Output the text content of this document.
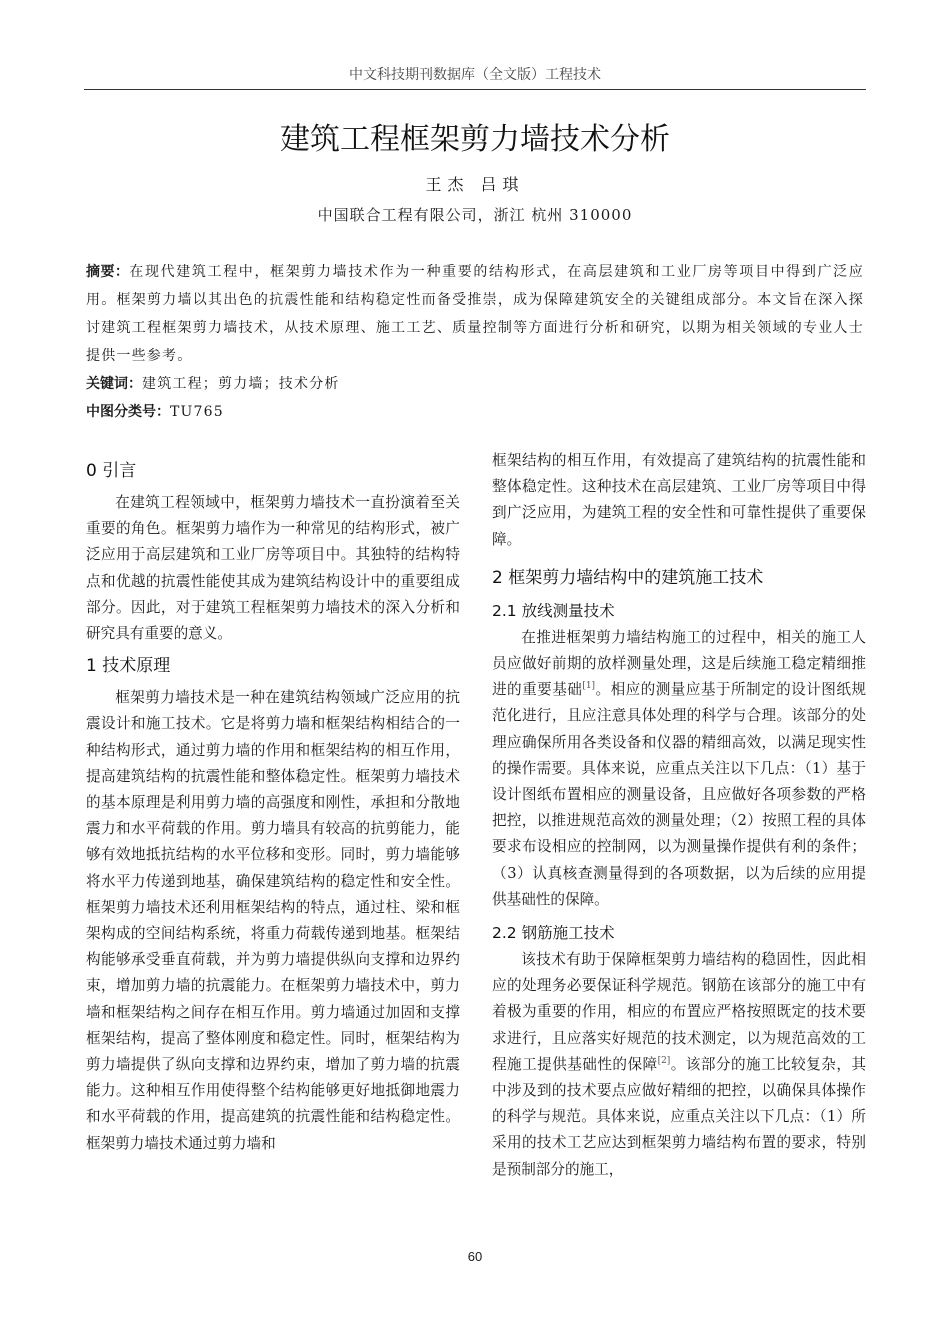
中文科技期刊数据库（全文版）工程技术
建筑工程框架剪力墙技术分析
王杰 吕琪
中国联合工程有限公司，浙江 杭州 310000

摘要：在现代建筑工程中，框架剪力墙技术作为一种重要的结构形式，在高层建筑和工业厂房等项目中得到广泛应用。框架剪力墙以其出色的抗震性能和结构稳定性而备受推崇，成为保障建筑安全的关键组成部分。本文旨在深入探讨建筑工程框架剪力墙技术，从技术原理、施工工艺、质量控制等方面进行分析和研究，以期为相关领域的专业人士提供一些参考。

关键词：建筑工程；剪力墙；技术分析

中图分类号：TU765

0 引言

在建筑工程领域中，框架剪力墙技术一直扮演着至关重要的角色。框架剪力墙作为一种常见的结构形式，被广泛应用于高层建筑和工业厂房等项目中。其独特的结构特点和优越的抗震性能使其成为建筑结构设计中的重要组成部分。因此，对于建筑工程框架剪力墙技术的深入分析和研究具有重要的意义。

1 技术原理

框架剪力墙技术是一种在建筑结构领域广泛应用的抗震设计和施工技术。它是将剪力墙和框架结构相结合的一种结构形式，通过剪力墙的作用和框架结构的相互作用，提高建筑结构的抗震性能和整体稳定性。框架剪力墙技术的基本原理是利用剪力墙的高强度和刚性，承担和分散地震力和水平荷载的作用。剪力墙具有较高的抗剪能力，能够有效地抵抗结构的水平位移和变形。同时，剪力墙能够将水平力传递到地基，确保建筑结构的稳定性和安全性。框架剪力墙技术还利用框架结构的特点，通过柱、梁和框架构成的空间结构系统，将重力荷载传递到地基。框架结构能够承受垂直荷载，并为剪力墙提供纵向支撑和边界约束，增加剪力墙的抗震能力。在框架剪力墙技术中，剪力墙和框架结构之间存在相互作用。剪力墙通过加固和支撑框架结构，提高了整体刚度和稳定性。同时，框架结构为剪力墙提供了纵向支撑和边界约束，增加了剪力墙的抗震能力。这种相互作用使得整个结构能够更好地抵御地震力和水平荷载的作用，提高建筑的抗震性能和结构稳定性。框架剪力墙技术通过剪力墙和

框架结构的相互作用，有效提高了建筑结构的抗震性能和整体稳定性。这种技术在高层建筑、工业厂房等项目中得到广泛应用，为建筑工程的安全性和可靠性提供了重要保障。

2 框架剪力墙结构中的建筑施工技术
2.1 放线测量技术

在推进框架剪力墙结构施工的过程中，相关的施工人员应做好前期的放样测量处理，这是后续施工稳定精细推进的重要基础[1]。相应的测量应基于所制定的设计图纸规范化进行，且应注意具体处理的科学与合理。该部分的处理应确保所用各类设备和仪器的精细高效，以满足现实性的操作需要。具体来说，应重点关注以下几点：（1）基于设计图纸布置相应的测量设备，且应做好各项参数的严格把控，以推进规范高效的测量处理；（2）按照工程的具体要求布设相应的控制网，以为测量操作提供有利的条件；（3）认真核查测量得到的各项数据，以为后续的应用提供基础性的保障。

2.2 钢筋施工技术

该技术有助于保障框架剪力墙结构的稳固性，因此相应的处理务必要保证科学规范。钢筋在该部分的施工中有着极为重要的作用，相应的布置应严格按照既定的技术要求进行，且应落实好规范的技术测定，以为规范高效的工程施工提供基础性的保障[2]。该部分的施工比较复杂，其中涉及到的技术要点应做好精细的把控，以确保具体操作的科学与规范。具体来说，应重点关注以下几点：（1）所采用的技术工艺应达到框架剪力墙结构布置的要求，特别是预制部分的施工，

60
